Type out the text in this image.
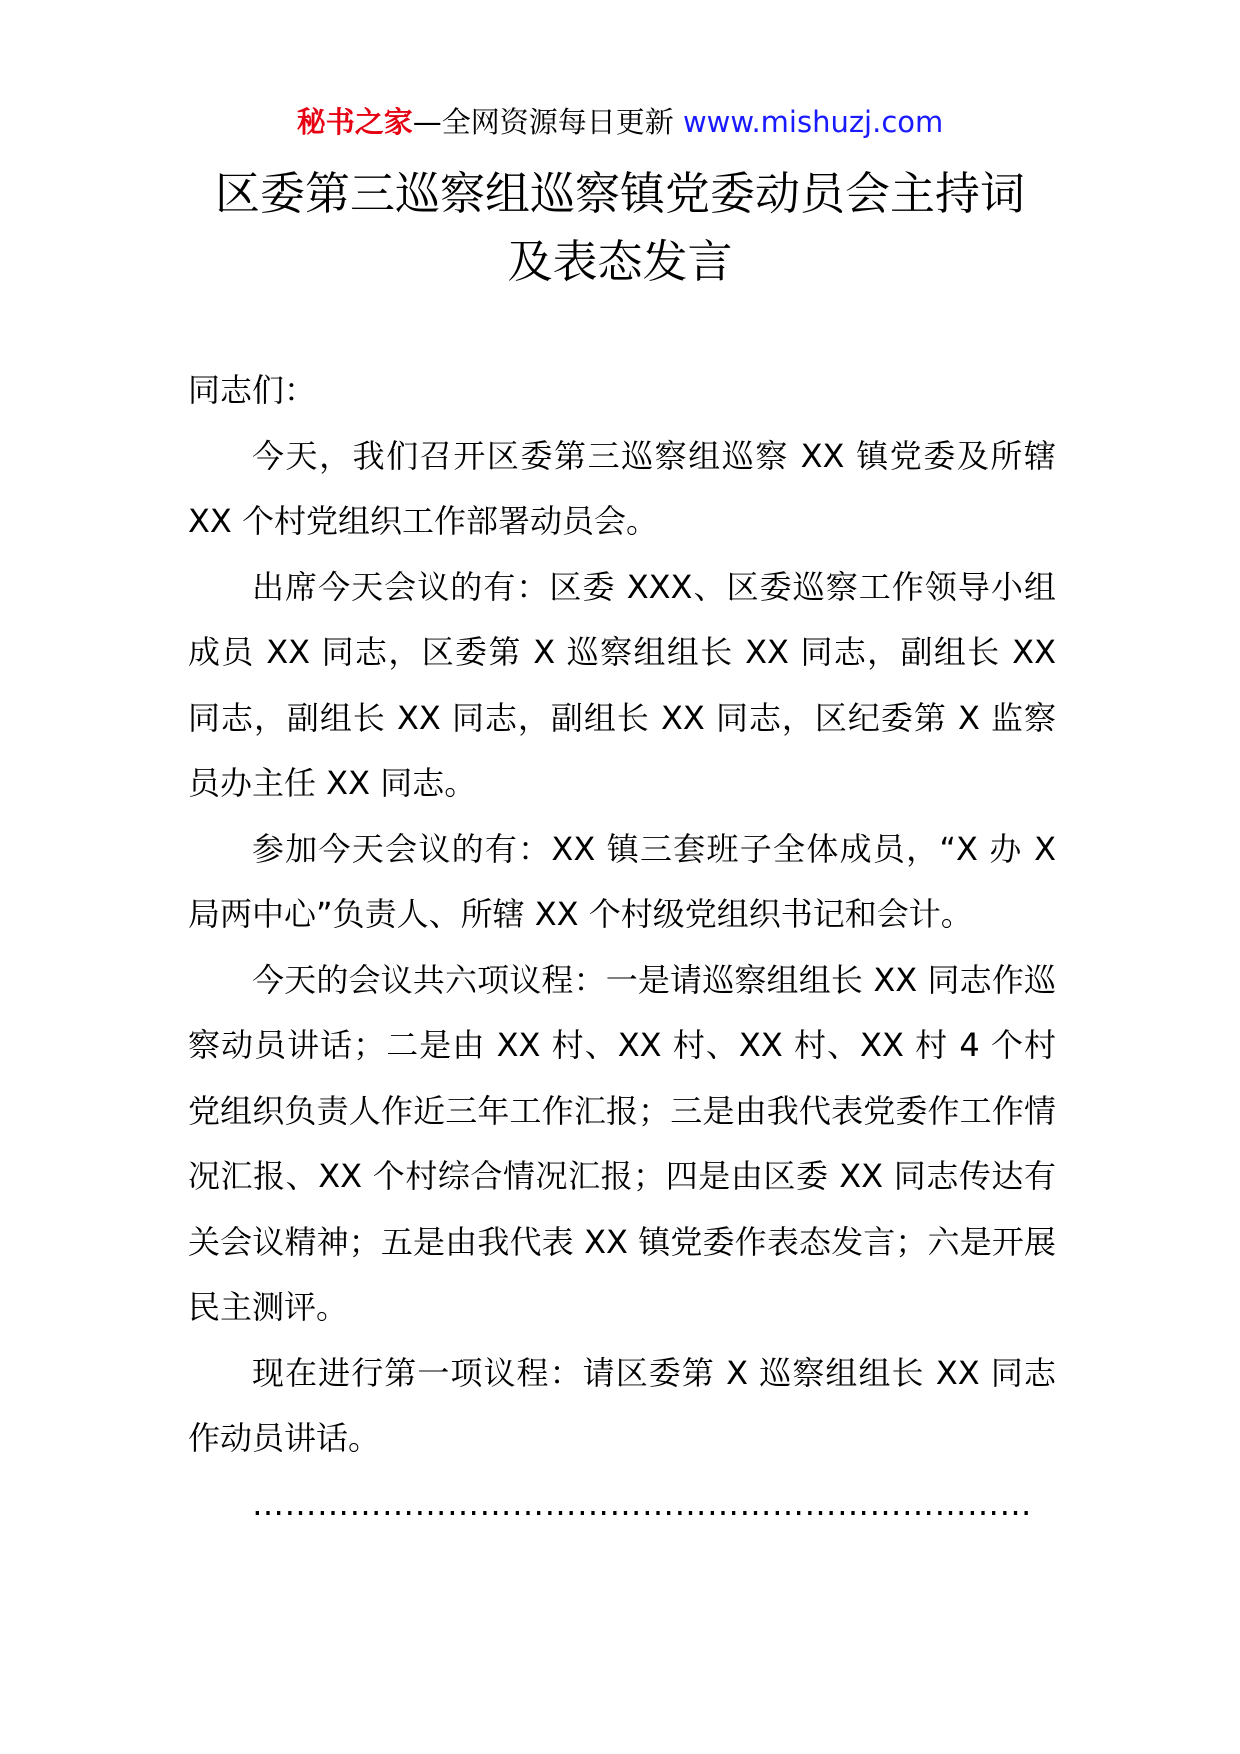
秘书之家—全网资源每日更新 www.mishuzj.com
区委第三巡察组巡察镇党委动员会主持词
及表态发言

同志们：

今天，我们召开区委第三巡察组巡察 XX 镇党委及所辖 XX 个村党组织工作部署动员会。

出席今天会议的有：区委 XXX、区委巡察工作领导小组成员 XX 同志，区委第 X 巡察组组长 XX 同志，副组长 XX 同志，副组长 XX 同志，副组长 XX 同志，区纪委第 X 监察员办主任 XX 同志。

参加今天会议的有：XX 镇三套班子全体成员，“X 办 X 局两中心”负责人、所辖 XX 个村级党组织书记和会计。

今天的会议共六项议程：一是请巡察组组长 XX 同志作巡察动员讲话；二是由 XX 村、XX 村、XX 村、XX 村 4 个村党组织负责人作近三年工作汇报；三是由我代表党委作工作情况汇报、XX 个村综合情况汇报；四是由区委 XX 同志传达有关会议精神；五是由我代表 XX 镇党委作表态发言；六是开展民主测评。

现在进行第一项议程：请区委第 X 巡察组组长 XX 同志作动员讲话。

………………………………………………………………
